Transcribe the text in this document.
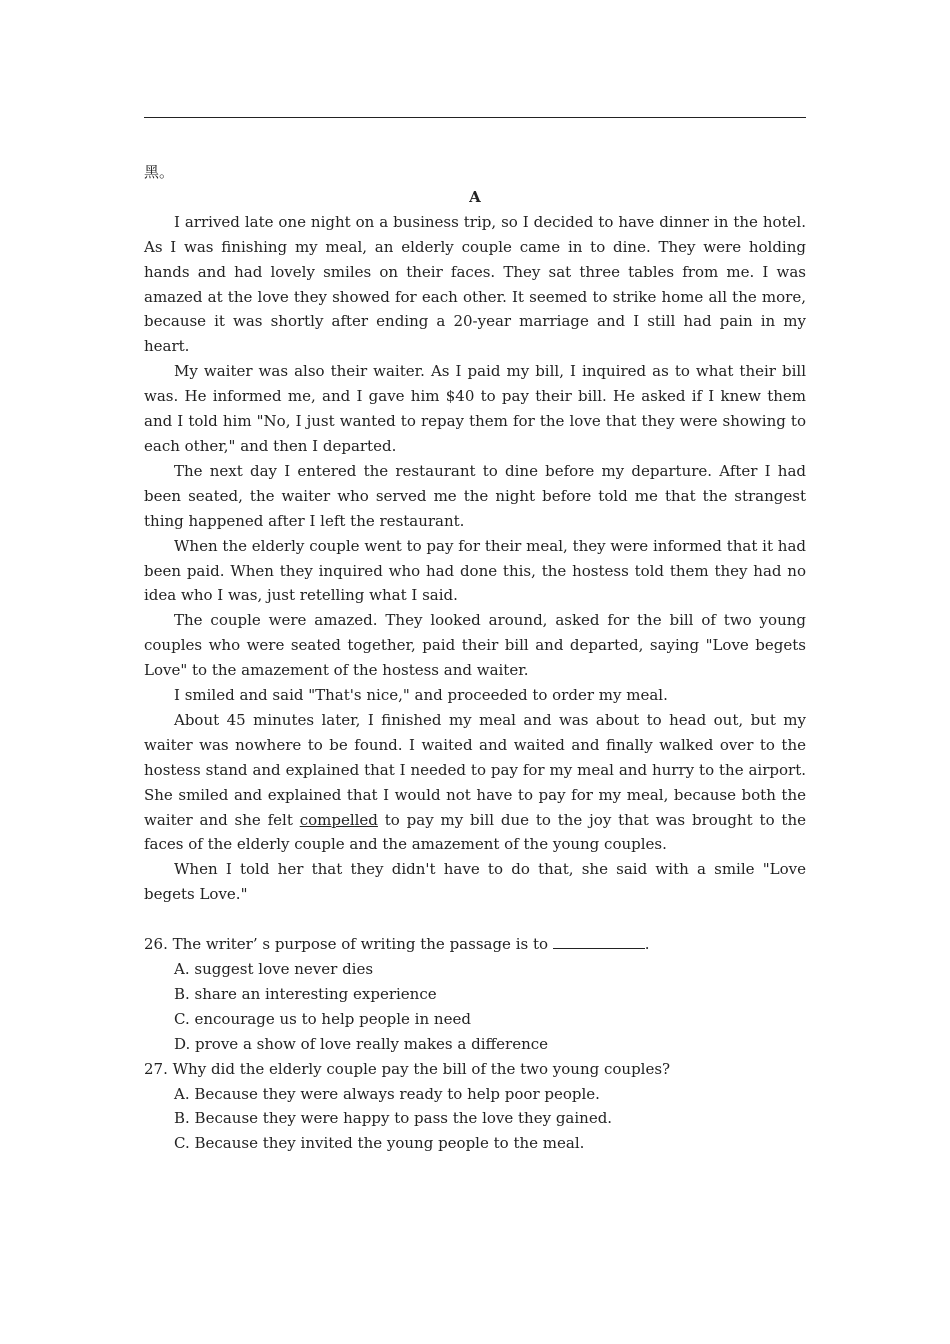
黑。

A

I arrived late one night on a business trip, so I decided to have dinner in the hotel. As I was finishing my meal, an elderly couple came in to dine. They were holding hands and had lovely smiles on their faces. They sat three tables from me. I was amazed at the love they showed for each other. It seemed to strike home all the more, because it was shortly after ending a 20-year marriage and I still had pain in my heart.

My waiter was also their waiter. As I paid my bill, I inquired as to what their bill was. He informed me, and I gave him $40 to pay their bill. He asked if I knew them and I told him "No, I just wanted to repay them for the love that they were showing to each other," and then I departed.

The next day I entered the restaurant to dine before my departure. After I had been seated, the waiter who served me the night before told me that the strangest thing happened after I left the restaurant.

When the elderly couple went to pay for their meal, they were informed that it had been paid. When they inquired who had done this, the hostess told them they had no idea who I was, just retelling what I said.

The couple were amazed. They looked around, asked for the bill of two young couples who were seated together, paid their bill and departed, saying "Love begets Love" to the amazement of the hostess and waiter.

I smiled and said "That's nice," and proceeded to order my meal.

About 45 minutes later, I finished my meal and was about to head out, but my waiter was nowhere to be found. I waited and waited and finally walked over to the hostess stand and explained that I needed to pay for my meal and hurry to the airport. She smiled and explained that I would not have to pay for my meal, because both the waiter and she felt compelled to pay my bill due to the joy that was brought to the faces of the elderly couple and the amazement of the young couples.

When I told her that they didn't have to do that, she said with a smile "Love begets Love."

26. The writer’ s purpose of writing the passage is to	.

A. suggest love never dies

B. share an interesting experience

C. encourage us to help people in need

D. prove a show of love really makes a difference

27. Why did the elderly couple pay the bill of the two young couples?

A. Because they were always ready to help poor people.

B. Because they were happy to pass the love they gained.

C. Because they invited the young people to the meal.
